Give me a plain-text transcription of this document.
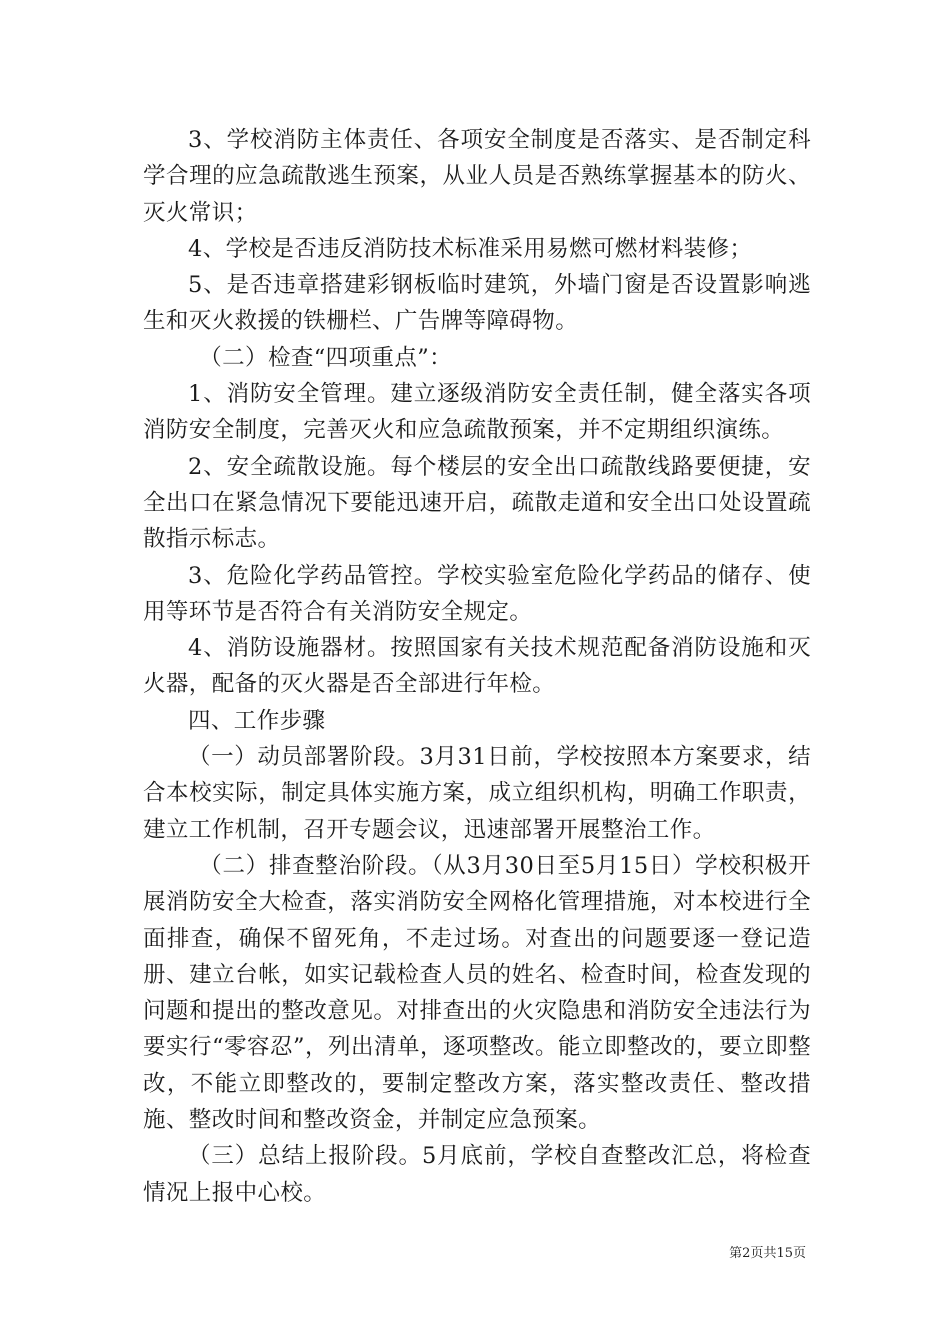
3、学校消防主体责任、各项安全制度是否落实、是否制定科学合理的应急疏散逃生预案，从业人员是否熟练掌握基本的防火、灭火常识；

4、学校是否违反消防技术标准采用易燃可燃材料装修；

5、是否违章搭建彩钢板临时建筑，外墙门窗是否设置影响逃生和灭火救援的铁栅栏、广告牌等障碍物。

（二）检查“四项重点”：

1、消防安全管理。建立逐级消防安全责任制，健全落实各项消防安全制度，完善灭火和应急疏散预案，并不定期组织演练。

2、安全疏散设施。每个楼层的安全出口疏散线路要便捷，安全出口在紧急情况下要能迅速开启，疏散走道和安全出口处设置疏散指示标志。

3、危险化学药品管控。学校实验室危险化学药品的储存、使用等环节是否符合有关消防安全规定。

4、消防设施器材。按照国家有关技术规范配备消防设施和灭火器，配备的灭火器是否全部进行年检。

四、工作步骤

（一）动员部署阶段。3月31日前，学校按照本方案要求，结合本校实际，制定具体实施方案，成立组织机构，明确工作职责，建立工作机制，召开专题会议，迅速部署开展整治工作。

（二）排查整治阶段。（从3月30日至5月15日）学校积极开展消防安全大检查，落实消防安全网格化管理措施，对本校进行全面排查，确保不留死角，不走过场。对查出的问题要逐一登记造册、建立台帐，如实记载检查人员的姓名、检查时间，检查发现的问题和提出的整改意见。对排查出的火灾隐患和消防安全违法行为要实行“零容忍”，列出清单，逐项整改。能立即整改的，要立即整改，不能立即整改的，要制定整改方案，落实整改责任、整改措施、整改时间和整改资金，并制定应急预案。

（三）总结上报阶段。5月底前，学校自查整改汇总，将检查情况上报中心校。

第2页共15页
